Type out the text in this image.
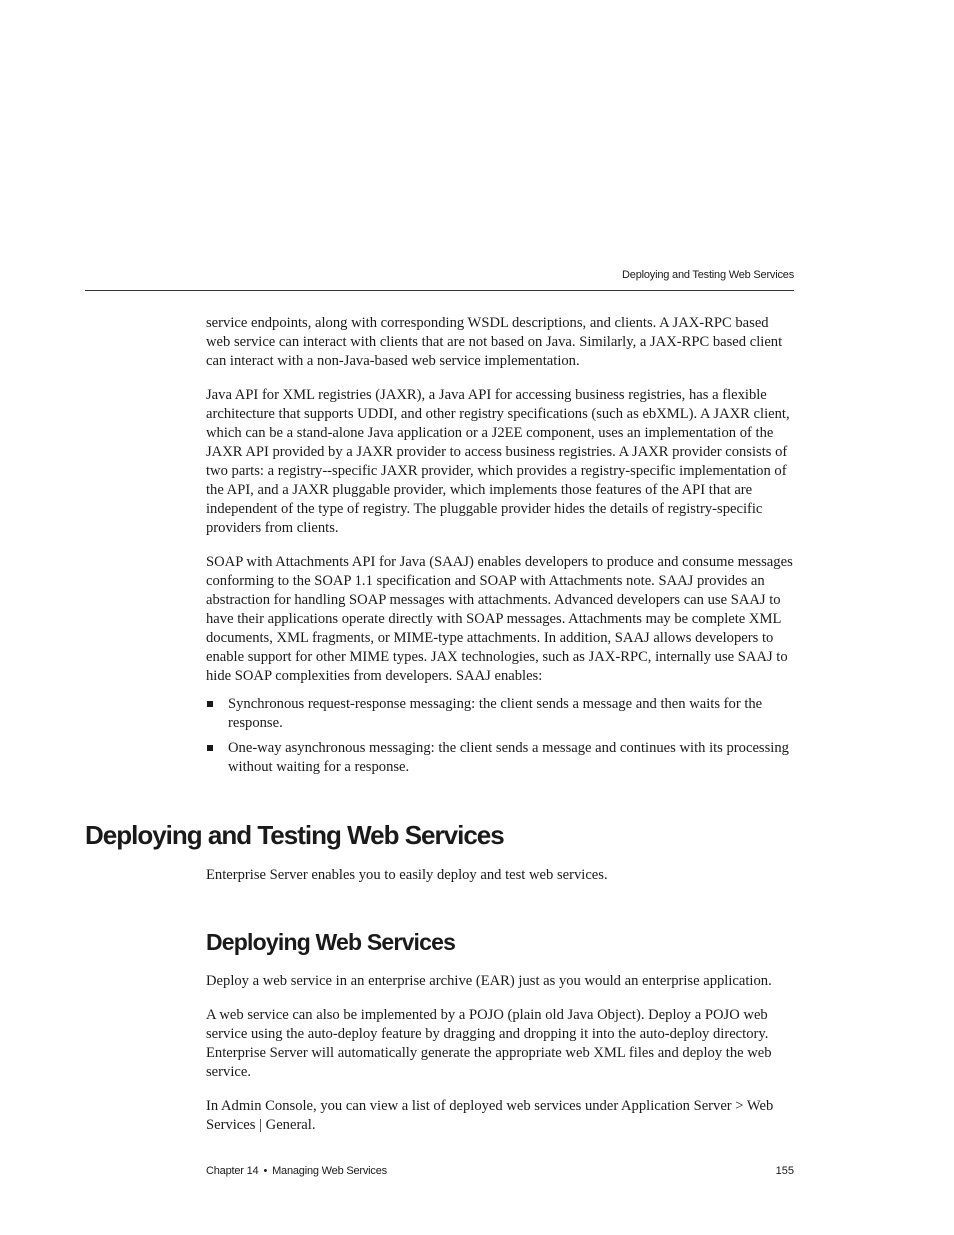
Deploying and Testing Web Services

service endpoints, along with corresponding WSDL descriptions, and clients. A JAX-RPC based web service can interact with clients that are not based on Java. Similarly, a JAX-RPC based client can interact with a non-Java-based web service implementation.

Java API for XML registries (JAXR), a Java API for accessing business registries, has a flexible architecture that supports UDDI, and other registry specifications (such as ebXML). A JAXR client, which can be a stand-alone Java application or a J2EE component, uses an implementation of the JAXR API provided by a JAXR provider to access business registries. A JAXR provider consists of two parts: a registry--specific JAXR provider, which provides a registry-specific implementation of the API, and a JAXR pluggable provider, which implements those features of the API that are independent of the type of registry. The pluggable provider hides the details of registry-specific providers from clients.

SOAP with Attachments API for Java (SAAJ) enables developers to produce and consume messages conforming to the SOAP 1.1 specification and SOAP with Attachments note. SAAJ provides an abstraction for handling SOAP messages with attachments. Advanced developers can use SAAJ to have their applications operate directly with SOAP messages. Attachments may be complete XML documents, XML fragments, or MIME-type attachments. In addition, SAAJ allows developers to enable support for other MIME types. JAX technologies, such as JAX-RPC, internally use SAAJ to hide SOAP complexities from developers. SAAJ enables:

Synchronous request-response messaging: the client sends a message and then waits for the response.
One-way asynchronous messaging: the client sends a message and continues with its processing without waiting for a response.
Deploying and Testing Web Services

Enterprise Server enables you to easily deploy and test web services.

Deploying Web Services

Deploy a web service in an enterprise archive (EAR) just as you would an enterprise application.

A web service can also be implemented by a POJO (plain old Java Object). Deploy a POJO web service using the auto-deploy feature by dragging and dropping it into the auto-deploy directory. Enterprise Server will automatically generate the appropriate web XML files and deploy the web service.

In Admin Console, you can view a list of deployed web services under Application Server > Web Services | General.

Chapter 14 • Managing Web Services	155
